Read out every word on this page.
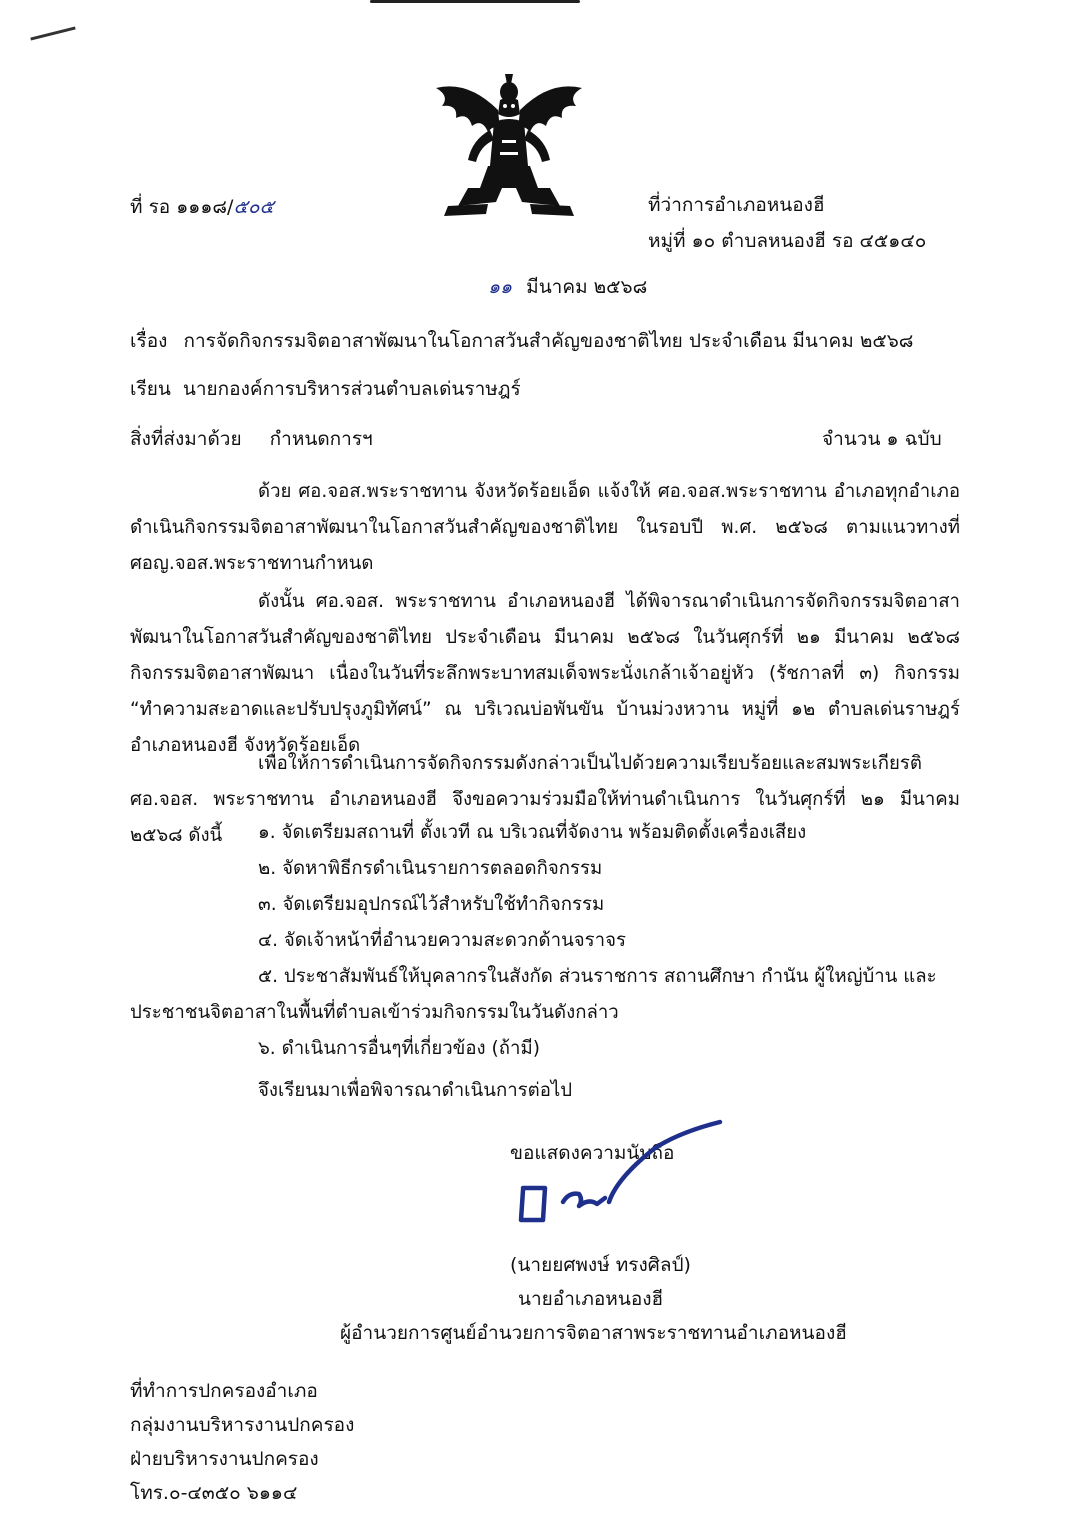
ที่ รอ ๑๑๑๘/๕๐๕	ที่ว่าการอำเภอหนองฮี
หมู่ที่ ๑๐ ตำบลหนองฮี รอ ๔๕๑๔๐
๑๑ มีนาคม ๒๕๖๘
เรื่อง การจัดกิจกรรมจิตอาสาพัฒนาในโอกาสวันสำคัญของชาติไทย ประจำเดือน มีนาคม ๒๕๖๘
เรียน นายกองค์การบริหารส่วนตำบลเด่นราษฎร์
สิ่งที่ส่งมาด้วย กำหนดการฯ	จำนวน ๑ ฉบับ

ด้วย ศอ.จอส.พระราชทาน จังหวัดร้อยเอ็ด แจ้งให้ ศอ.จอส.พระราชทาน อำเภอทุกอำเภอ ดำเนินกิจกรรมจิตอาสาพัฒนาในโอกาสวันสำคัญของชาติไทย ในรอบปี พ.ศ. ๒๕๖๘ ตามแนวทางที่ ศอญ.จอส.พระราชทานกำหนด

ดังนั้น ศอ.จอส. พระราชทาน อำเภอหนองฮี ได้พิจารณาดำเนินการจัดกิจกรรมจิตอาสาพัฒนาในโอกาสวันสำคัญของชาติไทย ประจำเดือน มีนาคม ๒๕๖๘ ในวันศุกร์ที่ ๒๑ มีนาคม ๒๕๖๘ กิจกรรมจิตอาสาพัฒนา เนื่องในวันที่ระลึกพระบาทสมเด็จพระนั่งเกล้าเจ้าอยู่หัว (รัชกาลที่ ๓) กิจกรรม “ทำความสะอาดและปรับปรุงภูมิทัศน์” ณ บริเวณบ่อพันขัน บ้านม่วงหวาน หมู่ที่ ๑๒ ตำบลเด่นราษฎร์ อำเภอหนองฮี จังหวัดร้อยเอ็ด

เพื่อให้การดำเนินการจัดกิจกรรมดังกล่าวเป็นไปด้วยความเรียบร้อยและสมพระเกียรติ ศอ.จอส. พระราชทาน อำเภอหนองฮี จึงขอความร่วมมือให้ท่านดำเนินการ ในวันศุกร์ที่ ๒๑ มีนาคม ๒๕๖๘ ดังนี้	๑. จัดเตรียมสถานที่ ตั้งเวที ณ บริเวณที่จัดงาน พร้อมติดตั้งเครื่องเสียง
๒. จัดหาพิธีกรดำเนินรายการตลอดกิจกรรม
๓. จัดเตรียมอุปกรณ์ไว้สำหรับใช้ทำกิจกรรม
๔. จัดเจ้าหน้าที่อำนวยความสะดวกด้านจราจร
๕. ประชาสัมพันธ์ให้บุคลากรในสังกัด ส่วนราชการ สถานศึกษา กำนัน ผู้ใหญ่บ้าน และ
ประชาชนจิตอาสาในพื้นที่ตำบลเข้าร่วมกิจกรรมในวันดังกล่าว
๖. ดำเนินการอื่นๆที่เกี่ยวข้อง (ถ้ามี)
จึงเรียนมาเพื่อพิจารณาดำเนินการต่อไป
ขอแสดงความนับถือ
(นายยศพงษ์ ทรงศิลป์)
นายอำเภอหนองฮี
ผู้อำนวยการศูนย์อำนวยการจิตอาสาพระราชทานอำเภอหนองฮี
ที่ทำการปกครองอำเภอ
กลุ่มงานบริหารงานปกครอง
ฝ่ายบริหารงานปกครอง
โทร.๐-๔๓๕๐ ๖๑๑๔
